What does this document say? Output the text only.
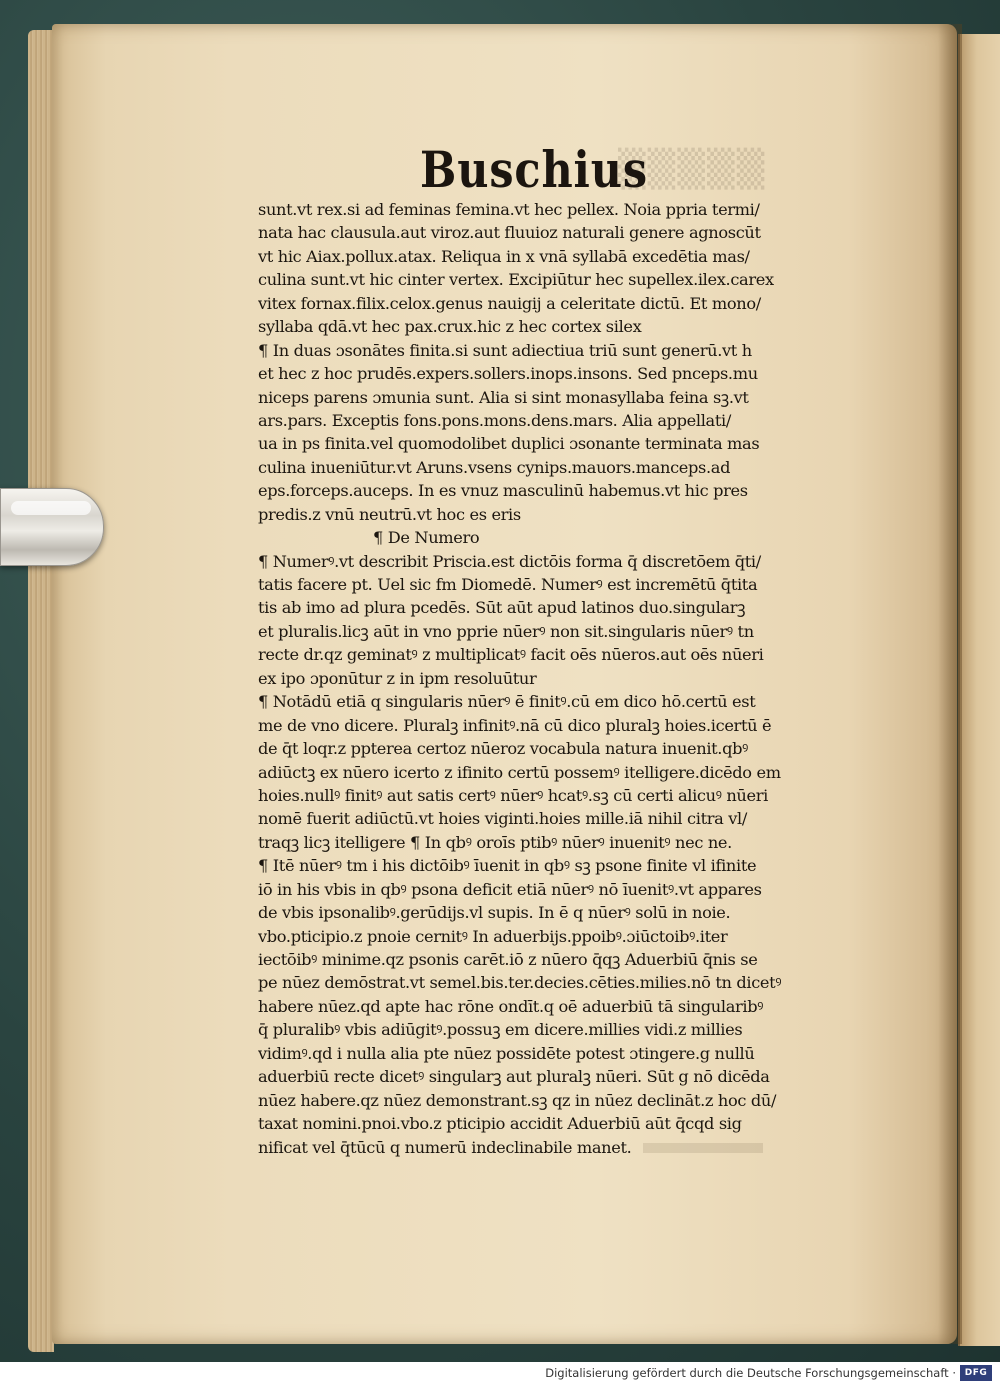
▒▒▒▒▒
Buschius
sunt.vt rex.si ad feminas femina.vt hec pellex. Noia ppria termi/
nata hac clausula.aut viroz.aut fluuioz naturali genere agnoscūt
vt hic Aiax.pollux.atax. Reliqua in x vnā syllabā excedētia mas/
culina sunt.vt hic cinter vertex. Excipiūtur hec supellex.ilex.carex
vitex fornax.filix.celox.genus nauigij a celeritate dictū. Et mono/
syllaba qdā.vt hec pax.crux.hic z hec cortex silex
¶ In duas ɔsonātes finita.si sunt adiectiua triū sunt generū.vt h
et hec z hoc prudēs.expers.sollers.inops.insons. Sed pnceps.mu
niceps parens ɔmunia sunt. Alia si sint monasyllaba feina sꝫ.vt
ars.pars. Exceptis fons.pons.mons.dens.mars. Alia appellati/
ua in ps finita.vel quomodolibet duplici ɔsonante terminata mas
culina inueniūtur.vt Aruns.vsens cynips.mauors.manceps.ad
eps.forceps.auceps. In es vnuz masculinū habemus.vt hic pres
predis.z vnū neutrū.vt hoc es eris
¶ De Numero
¶ Numerꝰ.vt describit Priscia.est dictōis forma q̄ discretōem q̄ti/
tatis facere pt. Uel sic fm Diomedē. Numerꝰ est incremētū q̄tita
tis ab imo ad plura pcedēs. Sūt aūt apud latinos duo.singularꝫ
et pluralis.licꝫ aūt in vno pprie nūerꝰ non sit.singularis nūerꝰ tn
recte dr.qz geminatꝰ z multiplicatꝰ facit oēs nūeros.aut oēs nūeri
ex ipo ɔponūtur z in ipm resoluūtur
¶ Notādū etiā q singularis nūerꝰ ē finitꝰ.cū em dico hō.certū est
me de vno dicere. Pluralꝫ infinitꝰ.nā cū dico pluralꝫ hoies.icertū ē
de q̄t loqr.z ppterea certoz nūeroz vocabula natura inuenit.qbꝰ
adiūctꝫ ex nūero icerto z ifinito certū possemꝰ itelligere.dicēdo em
hoies.nullꝰ finitꝰ aut satis certꝰ nūerꝰ hcatꝰ.sꝫ cū certi alicuꝰ nūeri
nomē fuerit adiūctū.vt hoies viginti.hoies mille.iā nihil citra vl/
traqꝫ licꝫ itelligere ¶ In qbꝰ oroīs ptibꝰ nūerꝰ inuenitꝰ nec ne.
¶ Itē nūerꝰ tm i his dictōibꝰ īuenit in qbꝰ sꝫ psone finite vl ifinite
iō in his vbis in qbꝰ psona deficit etiā nūerꝰ nō īuenitꝰ.vt appares
de vbis ipsonalibꝰ.gerūdijs.vl supis. In ē q nūerꝰ solū in noie.
vbo.pticipio.z pnoie cernitꝰ In aduerbijs.ppoibꝰ.ɔiūctoibꝰ.iter
iectōibꝰ minime.qz psonis carēt.iō z nūero q̄qꝫ Aduerbiū q̄nis se
pe nūez demōstrat.vt semel.bis.ter.decies.cēties.milies.nō tn dicetꝰ
habere nūez.qd apte hac rōne ondīt.q oē aduerbiū tā singularibꝰ
q̄ pluralibꝰ vbis adiūgitꝰ.possuꝫ em dicere.millies vidi.z millies
vidimꝰ.qd i nulla alia pte nūez possidēte potest ɔtingere.g nullū
aduerbiū recte dicetꝰ singularꝫ aut pluralꝫ nūeri. Sūt g nō dicēda
nūez habere.qz nūez demonstrant.sꝫ qz in nūez declināt.z hoc dū/
taxat nomini.pnoi.vbo.z pticipio accidit Aduerbiū aūt q̄cqd sig
nificat vel q̄tūcū q numerū indeclinabile manet.
Digitalisierung gefördert durch die Deutsche Forschungsgemeinschaft · DFG
